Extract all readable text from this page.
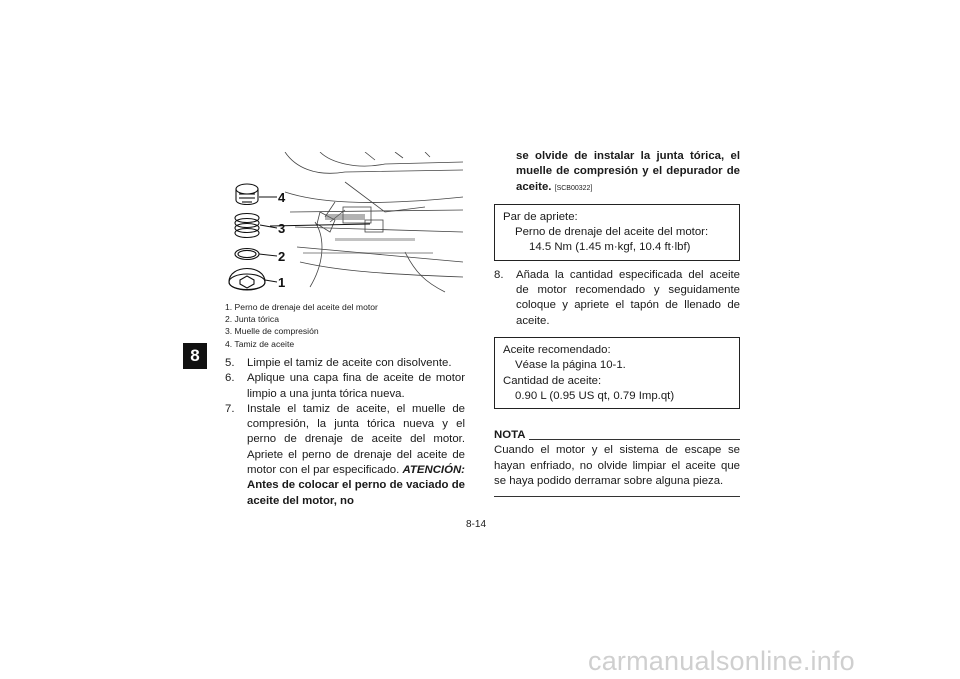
8
4
3
2
1
1. Perno de drenaje del aceite del motor
2. Junta tórica
3. Muelle de compresión
4. Tamiz de aceite
5. Limpie el tamiz de aceite con disolvente.
6. Aplique una capa fina de aceite de motor limpio a una junta tórica nueva.
7. Instale el tamiz de aceite, el muelle de compresión, la junta tórica nueva y el perno de drenaje de aceite del motor. Apriete el perno de drenaje del aceite de motor con el par especificado. ATENCIÓN: Antes de colocar el perno de vaciado de aceite del motor, no
se olvide de instalar la junta tórica, el muelle de compresión y el depurador de aceite. [SCB00322]
Par de apriete:
Perno de drenaje del aceite del motor:
14.5 Nm (1.45 m·kgf, 10.4 ft·lbf)
8. Añada la cantidad especificada del aceite de motor recomendado y seguidamente coloque y apriete el tapón de llenado de aceite.
Aceite recomendado:
Véase la página 10-1.
Cantidad de aceite:
0.90 L (0.95 US qt, 0.79 Imp.qt)
NOTA
Cuando el motor y el sistema de escape se hayan enfriado, no olvide limpiar el aceite que se haya podido derramar sobre alguna pieza.
8-14
carmanualsonline.info
